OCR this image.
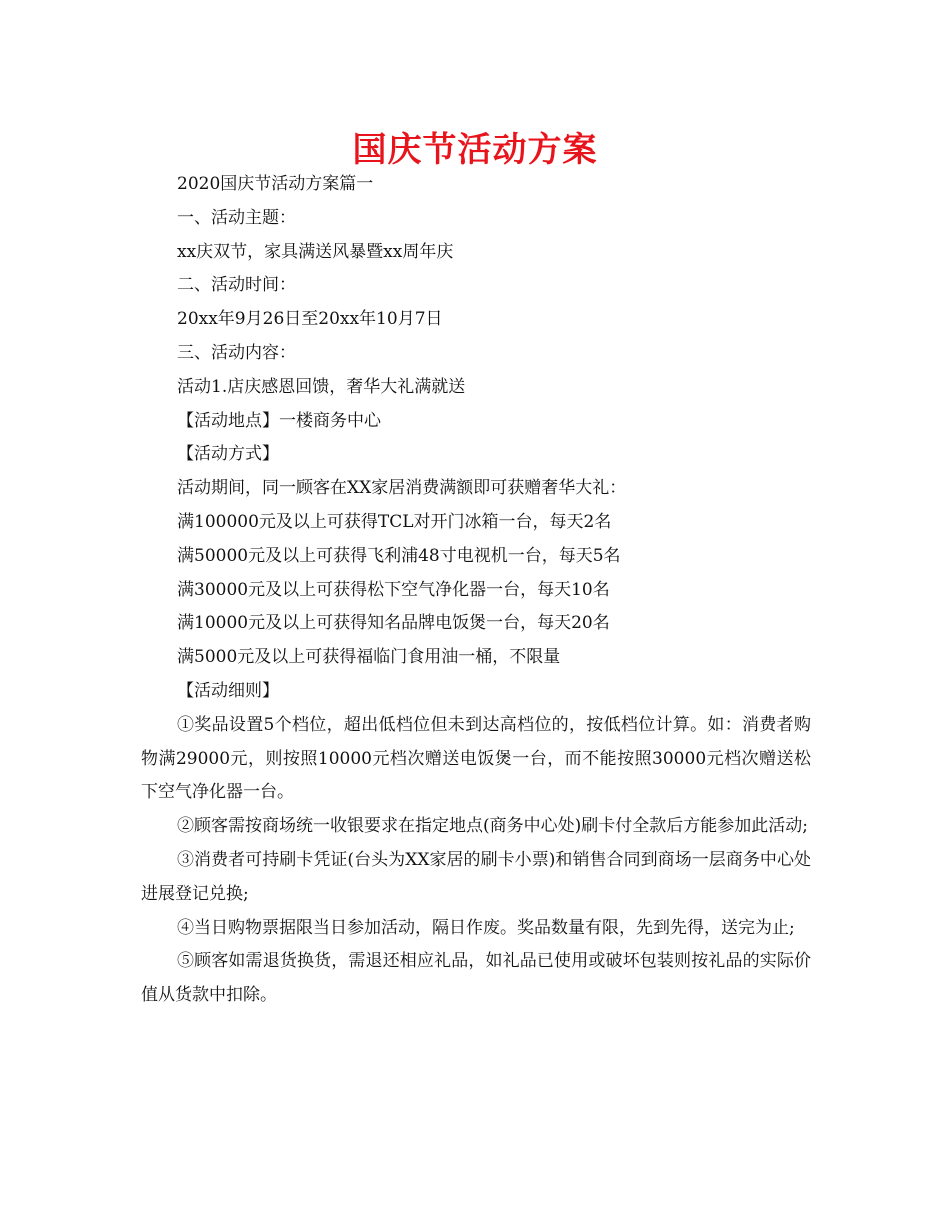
国庆节活动方案

2020国庆节活动方案篇一

一、活动主题：

xx庆双节，家具满送风暴暨xx周年庆

二、活动时间：

20xx年9月26日至20xx年10月7日

三、活动内容：

活动1.店庆感恩回馈，奢华大礼满就送

【活动地点】一楼商务中心

【活动方式】

活动期间，同一顾客在XX家居消费满额即可获赠奢华大礼：

满100000元及以上可获得TCL对开门冰箱一台，每天2名

满50000元及以上可获得飞利浦48寸电视机一台，每天5名

满30000元及以上可获得松下空气净化器一台，每天10名

满10000元及以上可获得知名品牌电饭煲一台，每天20名

满5000元及以上可获得福临门食用油一桶，不限量

【活动细则】

①奖品设置5个档位，超出低档位但未到达高档位的，按低档位计算。如：消费者购物满29000元，则按照10000元档次赠送电饭煲一台，而不能按照30000元档次赠送松下空气净化器一台。

②顾客需按商场统一收银要求在指定地点(商务中心处)刷卡付全款后方能参加此活动;

③消费者可持刷卡凭证(台头为XX家居的刷卡小票)和销售合同到商场一层商务中心处进展登记兑换;

④当日购物票据限当日参加活动，隔日作废。奖品数量有限，先到先得，送完为止;

⑤顾客如需退货换货，需退还相应礼品，如礼品已使用或破坏包装则按礼品的实际价值从货款中扣除。
